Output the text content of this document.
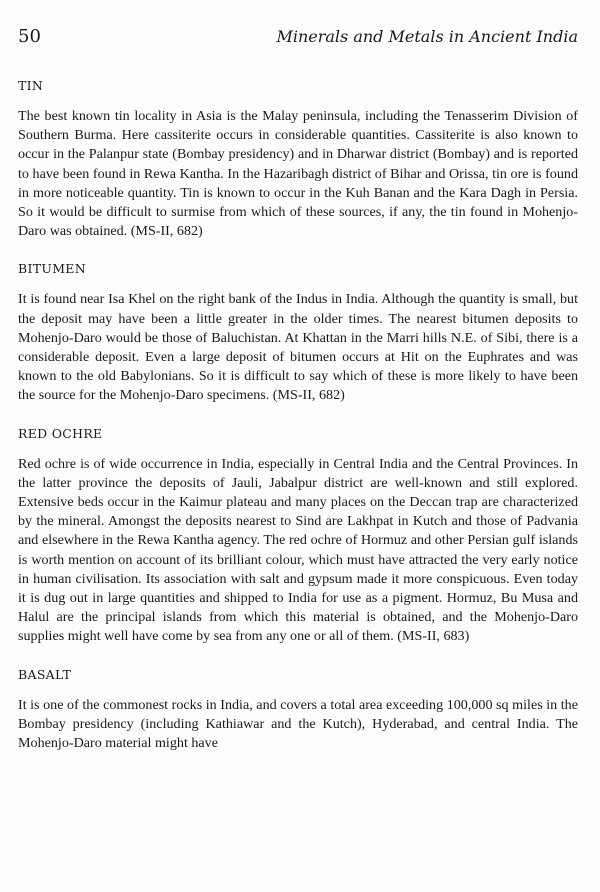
50	Minerals and Metals in Ancient India
TIN

The best known tin locality in Asia is the Malay peninsula, including the Tenasserim Division of Southern Burma. Here cassiterite occurs in considerable quantities. Cassiterite is also known to occur in the Palanpur state (Bombay presidency) and in Dharwar district (Bombay) and is reported to have been found in Rewa Kantha. In the Hazaribagh district of Bihar and Orissa, tin ore is found in more noticeable quantity. Tin is known to occur in the Kuh Banan and the Kara Dagh in Persia. So it would be difficult to surmise from which of these sources, if any, the tin found in Mohenjo-Daro was obtained. (MS-II, 682)

BITUMEN

It is found near Isa Khel on the right bank of the Indus in India. Although the quantity is small, but the deposit may have been a little greater in the older times. The nearest bitumen deposits to Mohenjo-Daro would be those of Baluchistan. At Khattan in the Marri hills N.E. of Sibi, there is a considerable deposit. Even a large deposit of bitumen occurs at Hit on the Euphrates and was known to the old Babylonians. So it is difficult to say which of these is more likely to have been the source for the Mohenjo-Daro specimens. (MS-II, 682)

RED OCHRE

Red ochre is of wide occurrence in India, especially in Central India and the Central Provinces. In the latter province the deposits of Jauli, Jabalpur district are well-known and still explored. Extensive beds occur in the Kaimur plateau and many places on the Deccan trap are characterized by the mineral. Amongst the deposits nearest to Sind are Lakhpat in Kutch and those of Padvania and elsewhere in the Rewa Kantha agency. The red ochre of Hormuz and other Persian gulf islands is worth mention on account of its brilliant colour, which must have attracted the very early notice in human civilisation. Its association with salt and gypsum made it more conspicuous. Even today it is dug out in large quantities and shipped to India for use as a pigment. Hormuz, Bu Musa and Halul are the principal islands from which this material is obtained, and the Mohenjo-Daro supplies might well have come by sea from any one or all of them. (MS-II, 683)

BASALT

It is one of the commonest rocks in India, and covers a total area exceeding 100,000 sq miles in the Bombay presidency (including Kathiawar and the Kutch), Hyderabad, and central India. The Mohenjo-Daro material might have
